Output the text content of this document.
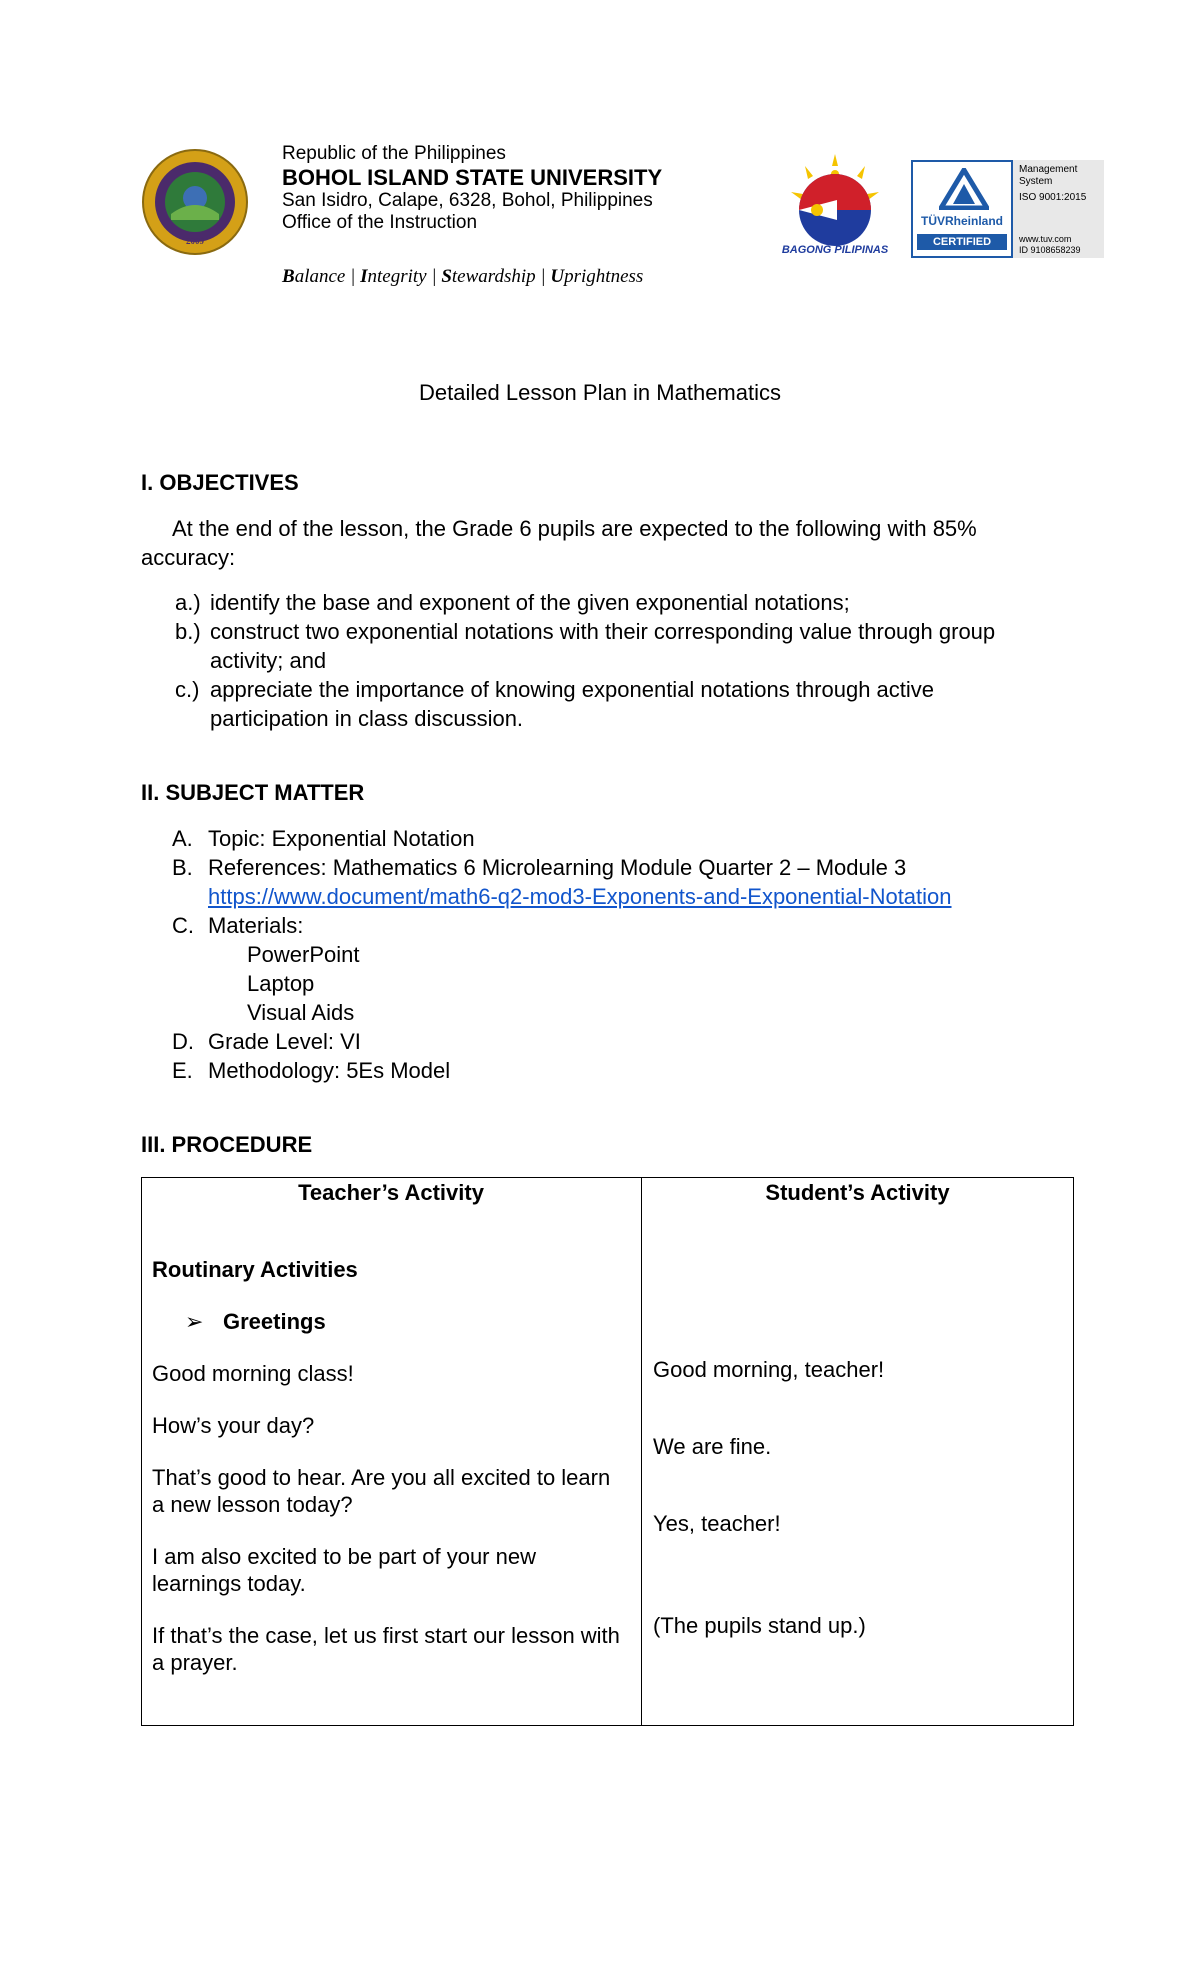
2009
Republic of the Philippines
BOHOL ISLAND STATE UNIVERSITY
San Isidro, Calape, 6328, Bohol, Philippines
Office of the Instruction
Balance | Integrity | Stewardship | Uprightness
BAGONG PILIPINAS
TÜVRheinland
CERTIFIED
Management
System
ISO 9001:2015
www.tuv.com
ID 9108658239
Detailed Lesson Plan in Mathematics
I. OBJECTIVES
At the end of the lesson, the Grade 6 pupils are expected to the following with 85% accuracy:
a.) identify the base and exponent of the given exponential notations;
b.) construct two exponential notations with their corresponding value through group
activity; and
c.) appreciate the importance of knowing exponential notations through active
participation in class discussion.
II. SUBJECT MATTER
A. Topic: Exponential Notation
B. References: Mathematics 6 Microlearning Module Quarter 2 – Module 3
https://www.document/math6-q2-mod3-Exponents-and-Exponential-Notation
C. Materials:
PowerPoint
Laptop
Visual Aids
D. Grade Level: VI
E. Methodology: 5Es Model
III. PROCEDURE
Teacher’s Activity	Student’s Activity
Routinary Activities
➢ Greetings
Good morning class!
How’s your day?
That’s good to hear. Are you all excited to learn a new lesson today?
I am also excited to be part of your new learnings today.
If that’s the case, let us first start our lesson with a prayer.
Good morning, teacher!
We are fine.
Yes, teacher!
(The pupils stand up.)
